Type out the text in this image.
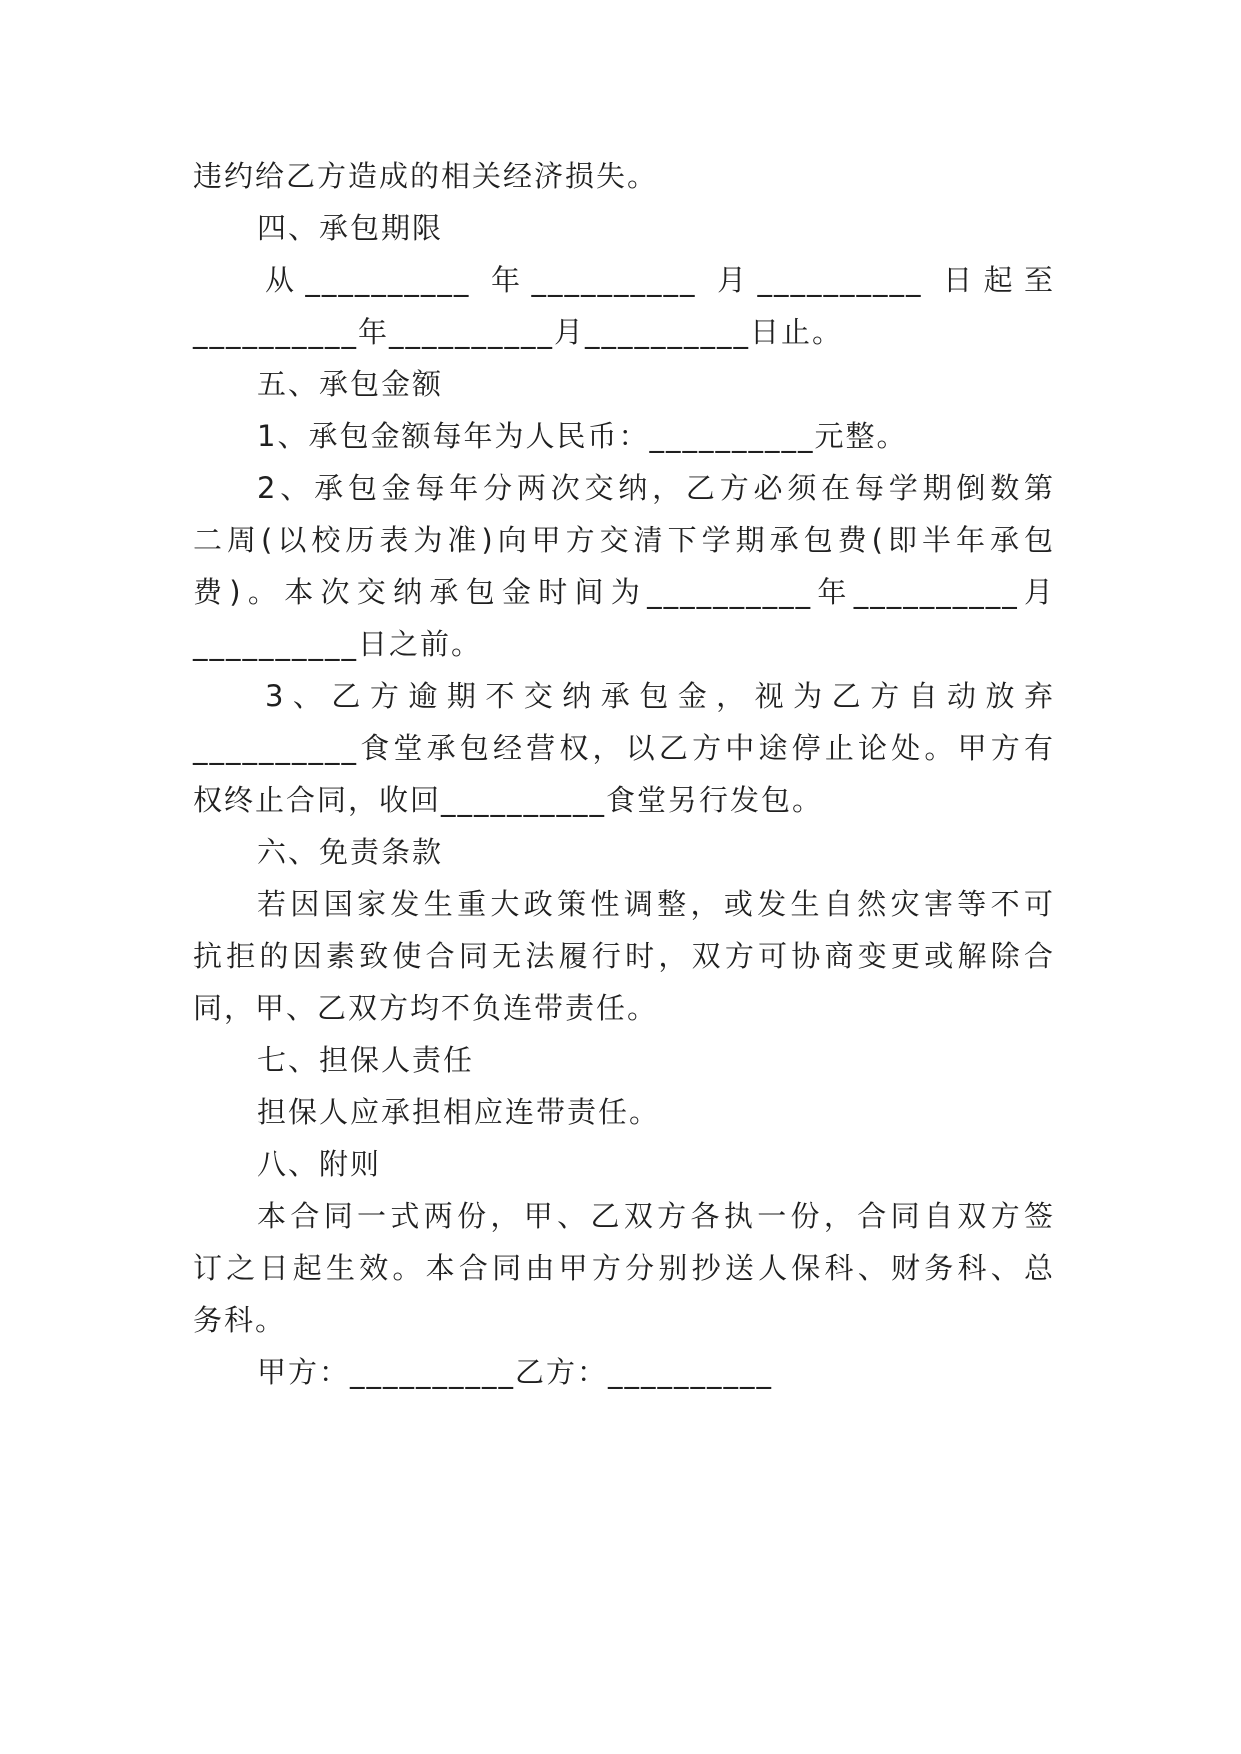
违约给乙方造成的相关经济损失。

四、承包期限

从__________ 年__________ 月__________ 日起至

__________年__________月__________日止。

五、承包金额

1、承包金额每年为人民币：__________元整。

2、承包金每年分两次交纳，乙方必须在每学期倒数第

二周(以校历表为准)向甲方交清下学期承包费(即半年承包

费)。本次交纳承包金时间为__________年__________月

__________日之前。

3、乙方逾期不交纳承包金，视为乙方自动放弃

__________食堂承包经营权，以乙方中途停止论处。甲方有

权终止合同，收回__________食堂另行发包。

六、免责条款

若因国家发生重大政策性调整，或发生自然灾害等不可

抗拒的因素致使合同无法履行时，双方可协商变更或解除合

同，甲、乙双方均不负连带责任。

七、担保人责任

担保人应承担相应连带责任。

八、附则

本合同一式两份，甲、乙双方各执一份，合同自双方签

订之日起生效。本合同由甲方分别抄送人保科、财务科、总

务科。

甲方：__________乙方：__________
